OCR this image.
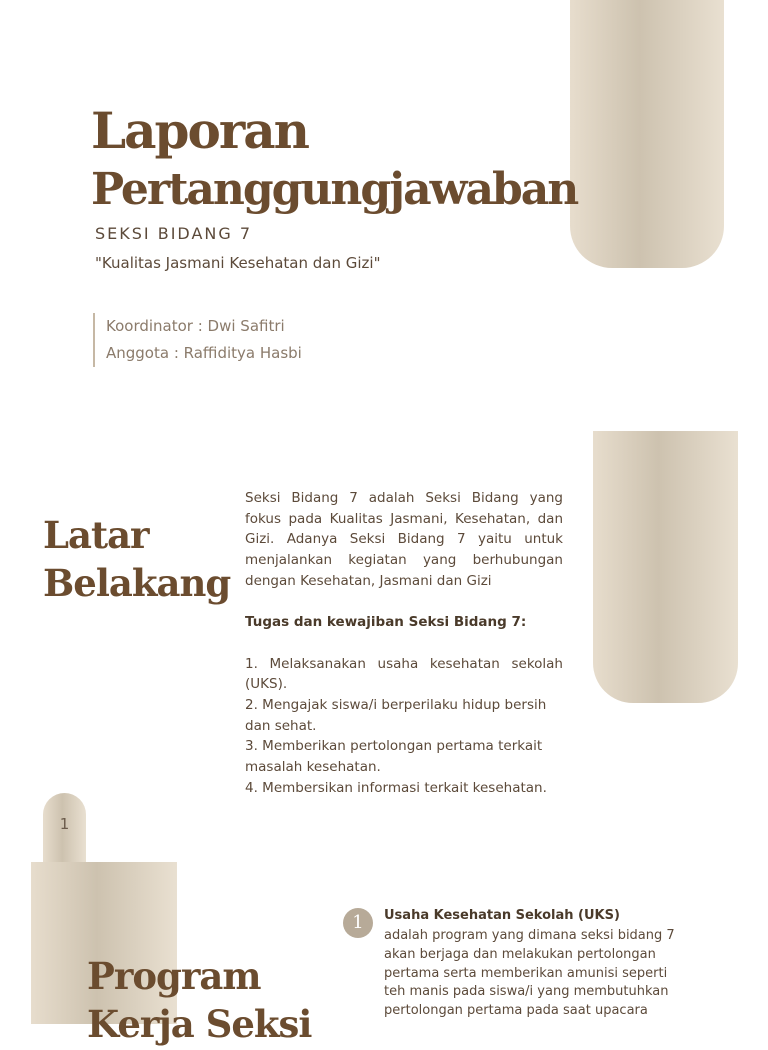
Laporan
Pertanggungjawaban
SEKSI BIDANG 7
"Kualitas Jasmani Kesehatan dan Gizi"
Koordinator : Dwi Safitri
Anggota : Raffiditya Hasbi
Latar
Belakang

Seksi Bidang 7 adalah Seksi Bidang yang fokus pada Kualitas Jasmani, Kesehatan, dan Gizi. Adanya Seksi Bidang 7 yaitu untuk menjalankan kegiatan yang berhubungan dengan Kesehatan, Jasmani dan Gizi

Tugas dan kewajiban Seksi Bidang 7:

1. Melaksanakan usaha kesehatan sekolah (UKS).

2. Mengajak siswa/i berperilaku hidup bersih dan sehat.

3. Memberikan pertolongan pertama terkait masalah kesehatan.

4. Membersikan informasi terkait kesehatan.

1
Program
Kerja Seksi
1	Usaha Kesehatan Sekolah (UKS)
adalah program yang dimana seksi bidang 7
akan berjaga dan melakukan pertolongan
pertama serta memberikan amunisi seperti
teh manis pada siswa/i yang membutuhkan
pertolongan pertama pada saat upacara
